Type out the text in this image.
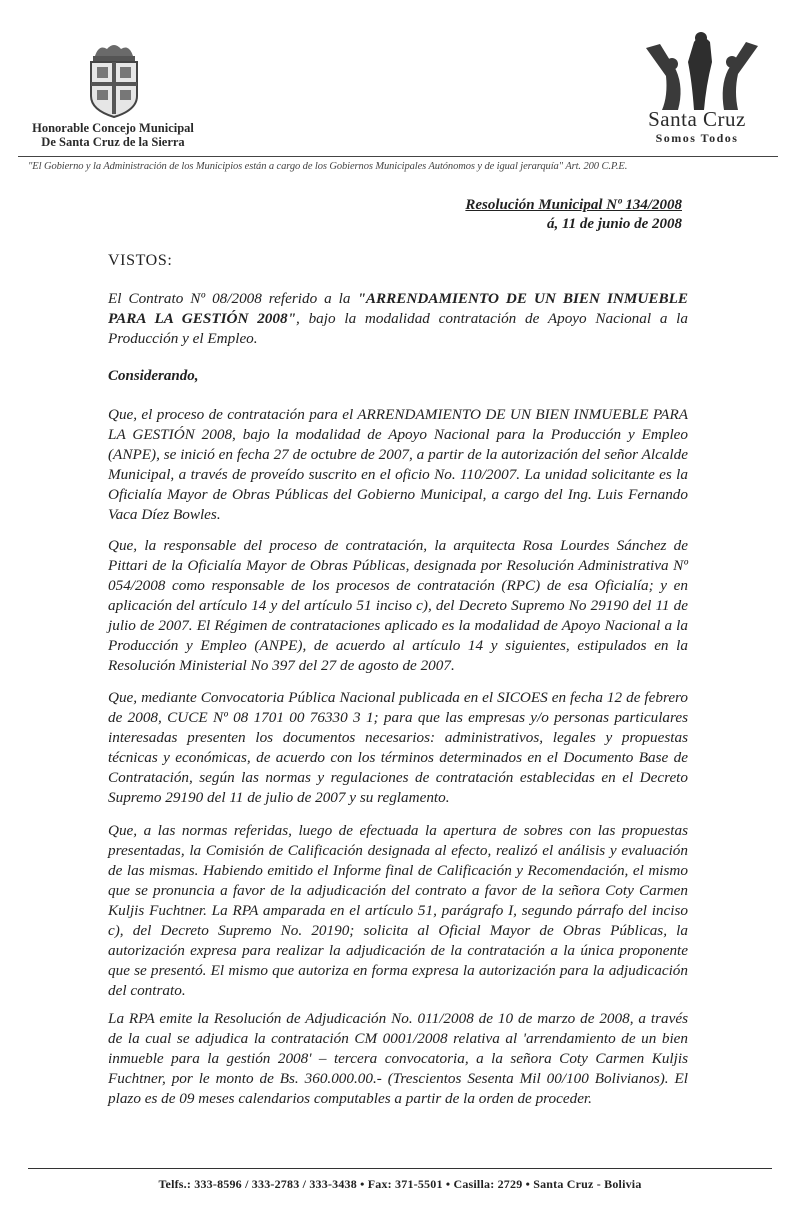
Honorable Concejo Municipal
De Santa Cruz de la Sierra
Santa Cruz
Somos Todos
"El Gobierno y la Administración de los Municipios están a cargo de los Gobiernos Municipales Autónomos y de igual jerarquía" Art. 200 C.P.E.
Resolución Municipal Nº 134/2008
á, 11 de junio de 2008
VISTOS:
El Contrato Nº 08/2008 referido a la "ARRENDAMIENTO DE UN BIEN INMUEBLE PARA LA GESTIÓN 2008", bajo la modalidad contratación de Apoyo Nacional a la Producción y el Empleo.
Considerando,
Que, el proceso de contratación para el ARRENDAMIENTO DE UN BIEN INMUEBLE PARA LA GESTIÓN 2008, bajo la modalidad de Apoyo Nacional para la Producción y Empleo (ANPE), se inició en fecha 27 de octubre de 2007, a partir de la autorización del señor Alcalde Municipal, a través de proveído suscrito en el oficio No. 110/2007. La unidad solicitante es la Oficialía Mayor de Obras Públicas del Gobierno Municipal, a cargo del Ing. Luis Fernando Vaca Díez Bowles.
Que, la responsable del proceso de contratación, la arquitecta Rosa Lourdes Sánchez de Pittari de la Oficialía Mayor de Obras Públicas, designada por Resolución Administrativa Nº 054/2008 como responsable de los procesos de contratación (RPC) de esa Oficialía; y en aplicación del artículo 14 y del artículo 51 inciso c), del Decreto Supremo No 29190 del 11 de julio de 2007. El Régimen de contrataciones aplicado es la modalidad de Apoyo Nacional a la Producción y Empleo (ANPE), de acuerdo al artículo 14 y siguientes, estipulados en la Resolución Ministerial No 397 del 27 de agosto de 2007.
Que, mediante Convocatoria Pública Nacional publicada en el SICOES en fecha 12 de febrero de 2008, CUCE Nº 08 1701 00 76330 3 1; para que las empresas y/o personas particulares interesadas presenten los documentos necesarios: administrativos, legales y propuestas técnicas y económicas, de acuerdo con los términos determinados en el Documento Base de Contratación, según las normas y regulaciones de contratación establecidas en el Decreto Supremo 29190 del 11 de julio de 2007 y su reglamento.
Que, a las normas referidas, luego de efectuada la apertura de sobres con las propuestas presentadas, la Comisión de Calificación designada al efecto, realizó el análisis y evaluación de las mismas. Habiendo emitido el Informe final de Calificación y Recomendación, el mismo que se pronuncia a favor de la adjudicación del contrato a favor de la señora Coty Carmen Kuljis Fuchtner. La RPA amparada en el artículo 51, parágrafo I, segundo párrafo del inciso c), del Decreto Supremo No. 20190; solicita al Oficial Mayor de Obras Públicas, la autorización expresa para realizar la adjudicación de la contratación a la única proponente que se presentó. El mismo que autoriza en forma expresa la autorización para la adjudicación del contrato.
La RPA emite la Resolución de Adjudicación No. 011/2008 de 10 de marzo de 2008, a través de la cual se adjudica la contratación CM 0001/2008 relativa al 'arrendamiento de un bien inmueble para la gestión 2008' – tercera convocatoria, a la señora Coty Carmen Kuljis Fuchtner, por le monto de Bs. 360.000.00.- (Trescientos Sesenta Mil 00/100 Bolivianos). El plazo es de 09 meses calendarios computables a partir de la orden de proceder.
Telfs.: 333-8596 / 333-2783 / 333-3438 • Fax: 371-5501 • Casilla: 2729 • Santa Cruz - Bolivia
